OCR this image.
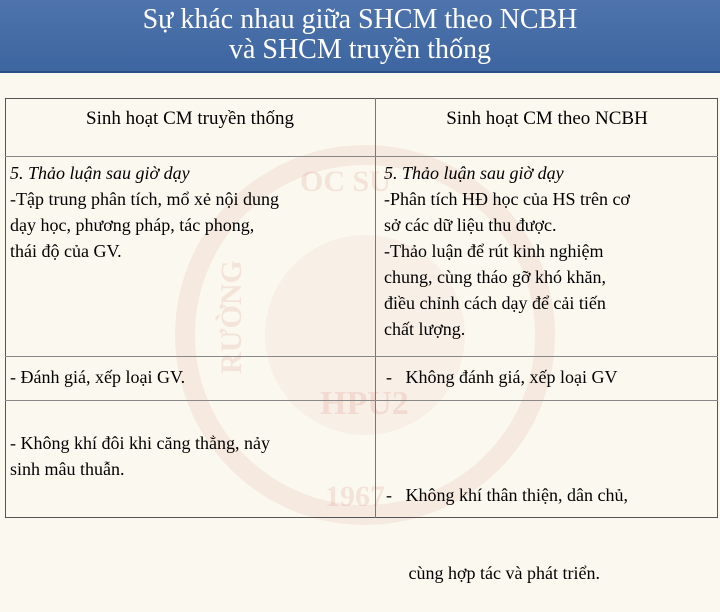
Sự khác nhau giữa SHCM theo NCBH
và SHCM truyền thống
OC SƯ
RƯỜNG
HPU2
1967
Sinh hoạt CM truyền thống	Sinh hoạt CM theo NCBH
5. Thảo luận sau giờ dạy
-Tập trung phân tích, mổ xẻ nội dung
dạy học, phương pháp, tác phong,
thái độ của GV.
5. Thảo luận sau giờ dạy
-Phân tích HĐ học của HS trên cơ
sở các dữ liệu thu được.
-Thảo luận để rút kinh nghiệm
chung, cùng tháo gỡ khó khăn,
điều chỉnh cách dạy để cải tiến
chất lượng.
- Đánh giá, xếp loại GV.	-   Không đánh giá, xếp loại GV
- Không khí đôi khi căng thẳng, nảy
sinh mâu thuẫn.

-   Không khí thân thiện, dân chủ,

cùng hợp tác và phát triển.
